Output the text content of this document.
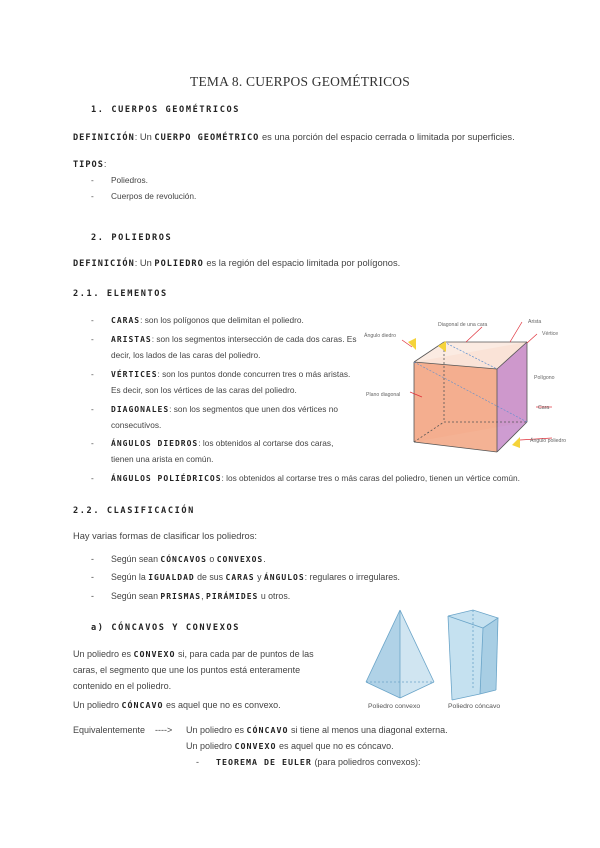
TEMA 8. CUERPOS GEOMÉTRICOS
1. CUERPOS GEOMÉTRICOS
DEFINICIÓN: Un CUERPO GEOMÉTRICO es una porción del espacio cerrada o limitada por superficies.
TIPOS:
- Poliedros.
- Cuerpos de revolución.
2. POLIEDROS
DEFINICIÓN: Un POLIEDRO es la región del espacio limitada por polígonos.
2.1. ELEMENTOS
- CARAS: son los polígonos que delimitan el poliedro.
- ARISTAS: son los segmentos intersección de cada dos caras. Es
decir, los lados de las caras del poliedro.
- VÉRTICES: son los puntos donde concurren tres o más aristas.
Es decir, son los vértices de las caras del poliedro.
- DIAGONALES: son los segmentos que unen dos vértices no
consecutivos.
- ÁNGULOS DIEDROS: los obtenidos al cortarse dos caras,
tienen una arista en común.
- ÁNGULOS POLIÉDRICOS: los obtenidos al cortarse tres o más caras del poliedro, tienen un vértice común.
Diagonal de una cara	Arista
Vértice
Ángulo diedro
Polígono
Plano diagonal
Cara
Ángulo poliedro
2.2. CLASIFICACIÓN
Hay varias formas de clasificar los poliedros:
- Según sean CÓNCAVOS o CONVEXOS.
- Según la IGUALDAD de sus CARAS y ÁNGULOS: regulares o irregulares.
- Según sean PRISMAS, PIRÁMIDES u otros.
a) CÓNCAVOS Y CONVEXOS
Un poliedro es CONVEXO si, para cada par de puntos de las
caras, el segmento que une los puntos está enteramente
contenido en el poliedro.
Un poliedro CÓNCAVO es aquel que no es convexo.	Poliedro convexo	Poliedro cóncavo
Equivalentemente    ----> Un poliedro es CÓNCAVO si tiene al menos una diagonal externa.
Un poliedro CONVEXO es aquel que no es cóncavo.
- TEOREMA DE EULER (para poliedros convexos):
